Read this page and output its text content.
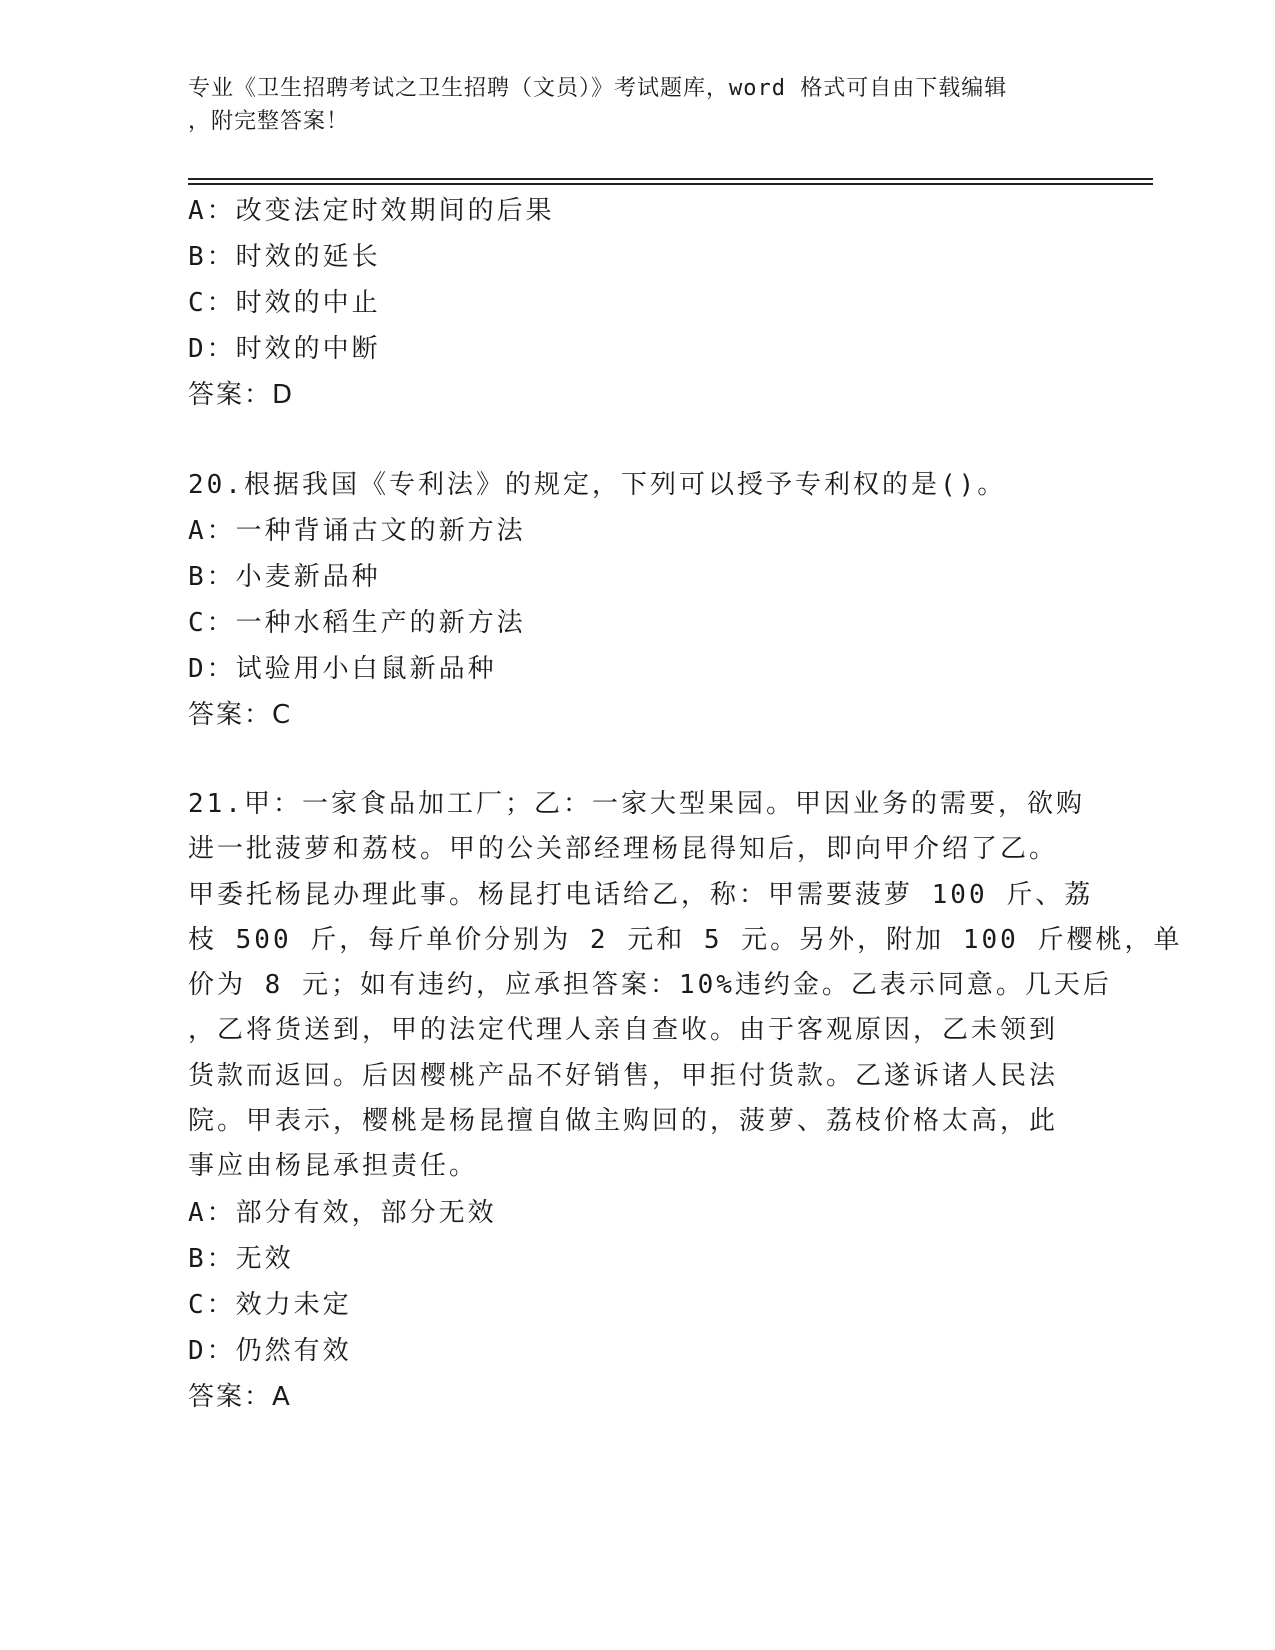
专业《卫生招聘考试之卫生招聘（文员）》考试题库，word 格式可自由下载编辑
，附完整答案！
A：改变法定时效期间的后果
B：时效的延长
C：时效的中止
D：时效的中断
答案：D
20.根据我国《专利法》的规定，下列可以授予专利权的是()。
A：一种背诵古文的新方法
B：小麦新品种
C：一种水稻生产的新方法
D：试验用小白鼠新品种
答案：C
21.甲：一家食品加工厂；乙：一家大型果园。甲因业务的需要，欲购
进一批菠萝和荔枝。甲的公关部经理杨昆得知后，即向甲介绍了乙。
甲委托杨昆办理此事。杨昆打电话给乙，称：甲需要菠萝 100 斤、荔
枝 500 斤，每斤单价分别为 2 元和 5 元。另外，附加 100 斤樱桃，单
价为 8 元；如有违约，应承担答案：10%违约金。乙表示同意。几天后
，乙将货送到，甲的法定代理人亲自查收。由于客观原因，乙未领到
货款而返回。后因樱桃产品不好销售，甲拒付货款。乙遂诉诸人民法
院。甲表示，樱桃是杨昆擅自做主购回的，菠萝、荔枝价格太高，此
事应由杨昆承担责任。
A：部分有效，部分无效
B：无效
C：效力未定
D：仍然有效
答案：A
